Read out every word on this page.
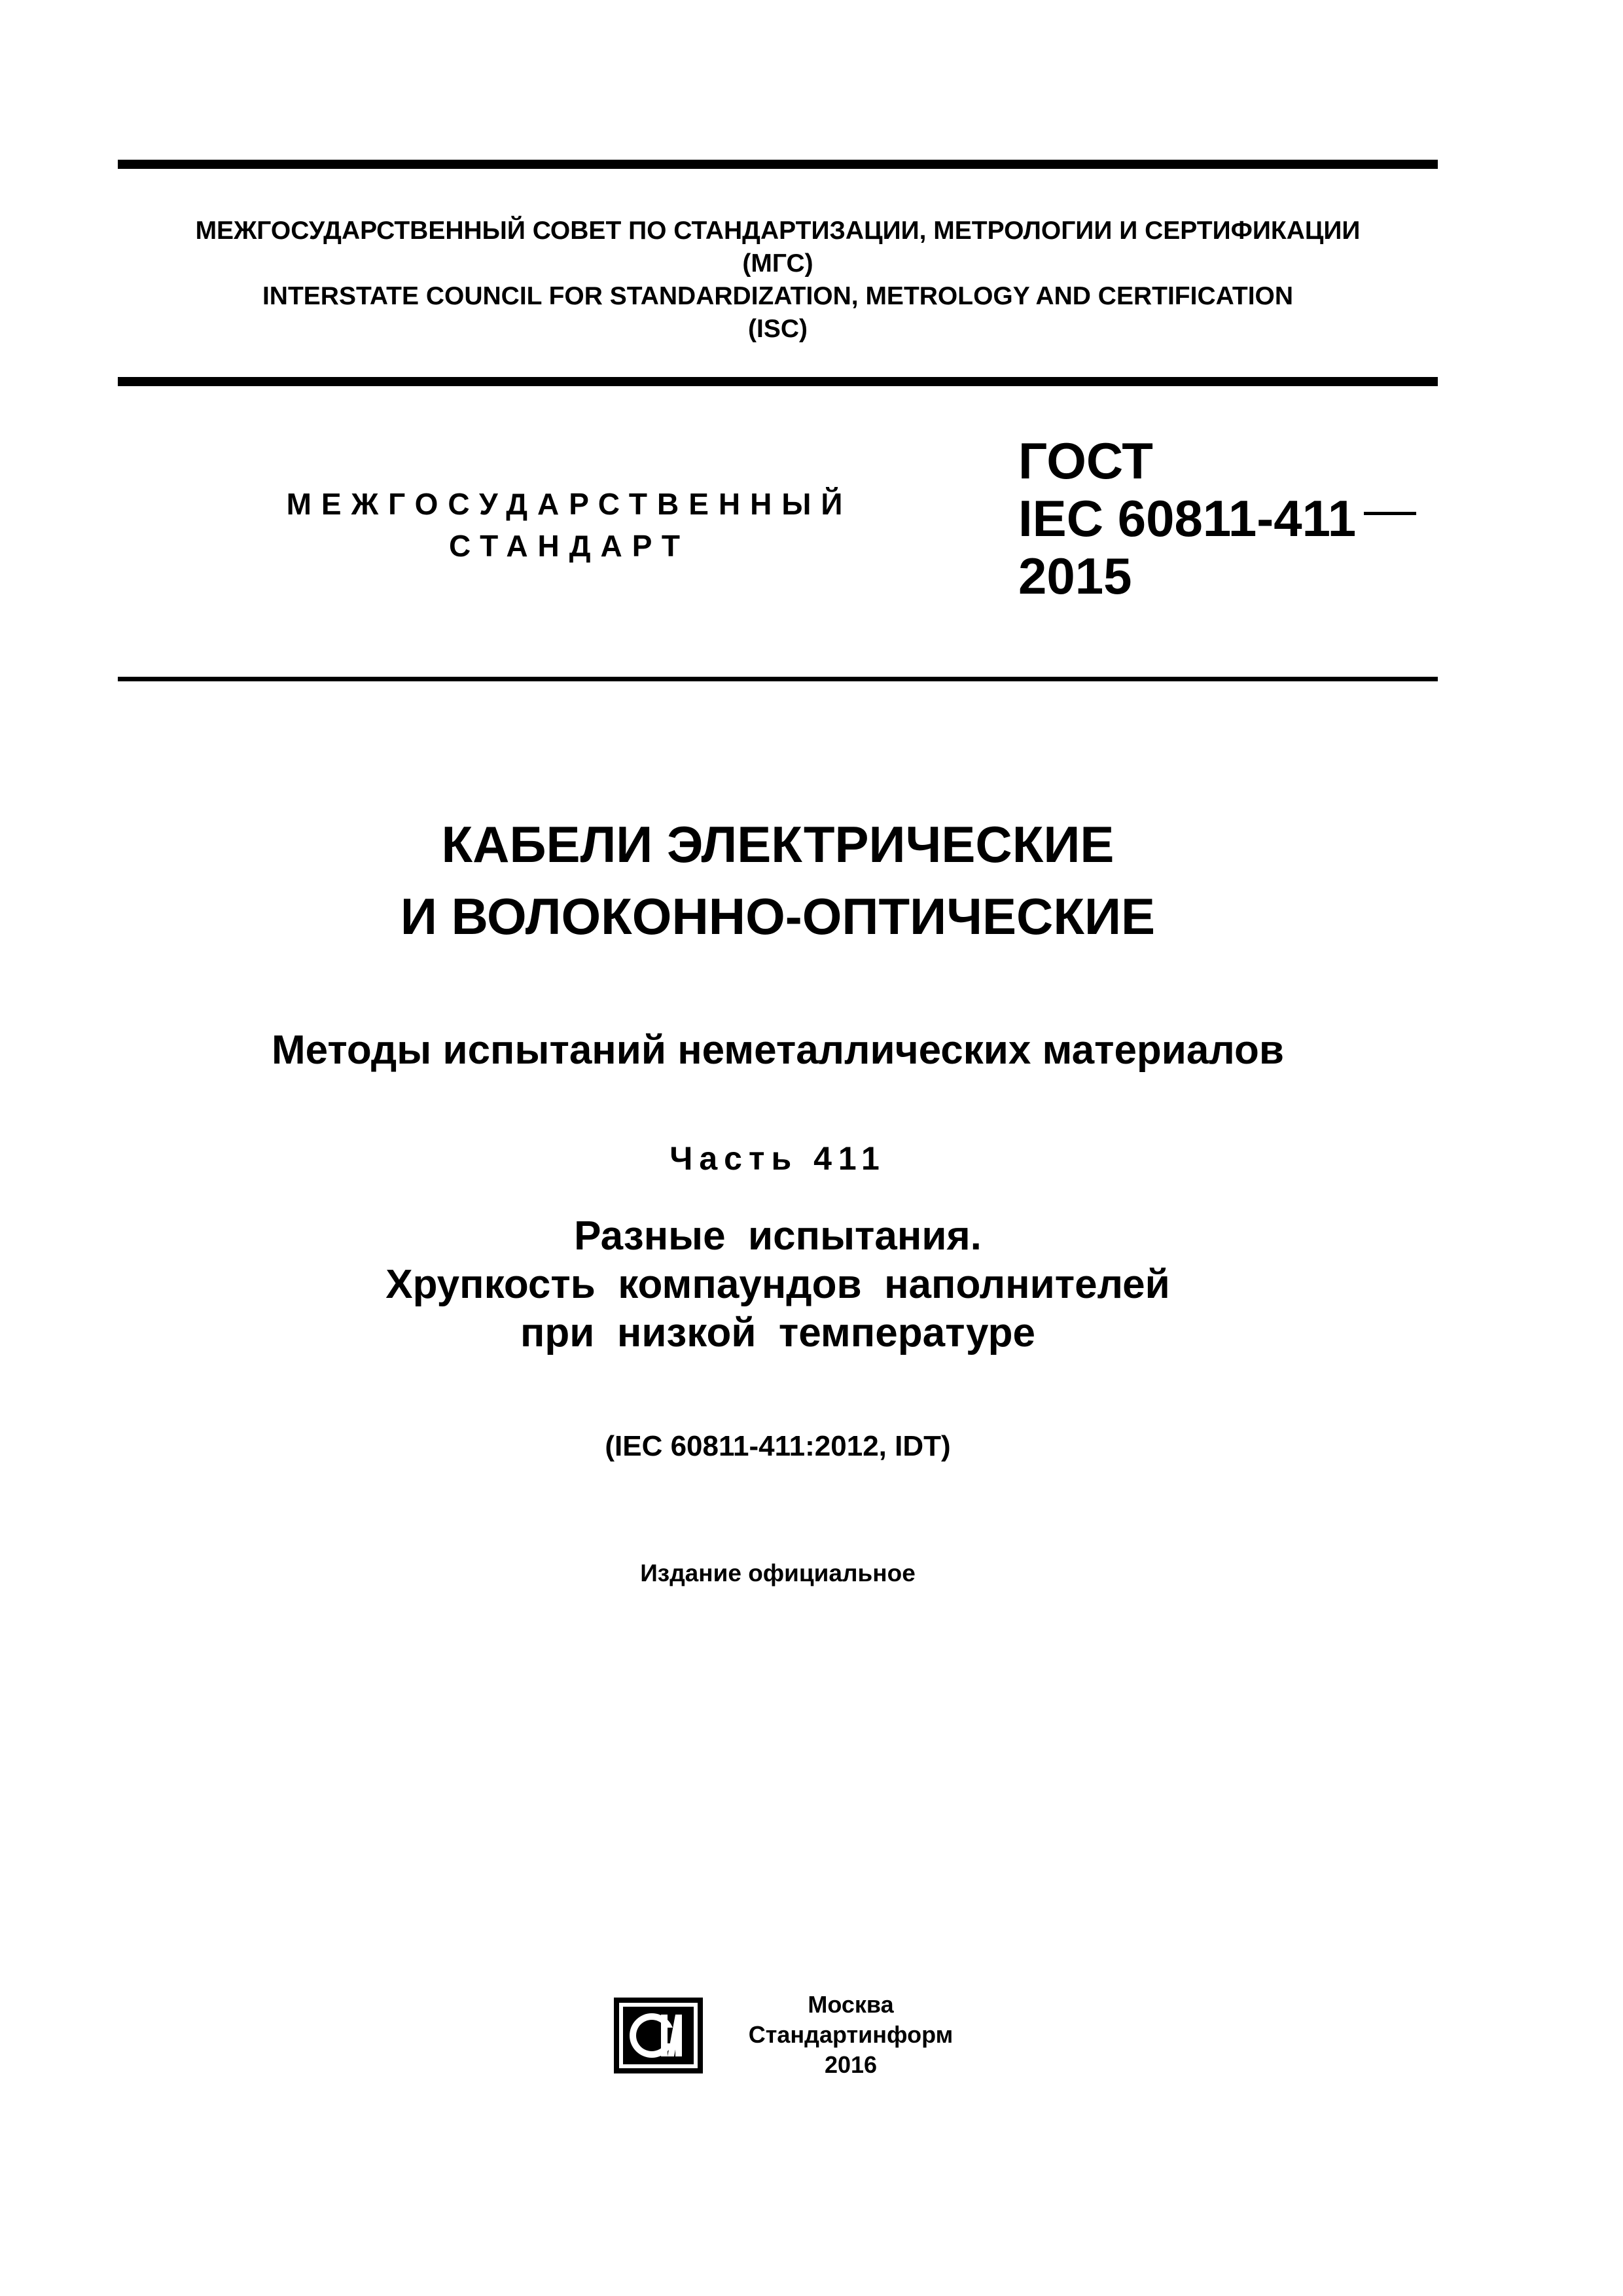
МЕЖГОСУДАРСТВЕННЫЙ СОВЕТ ПО СТАНДАРТИЗАЦИИ, МЕТРОЛОГИИ И СЕРТИФИКАЦИИ
(МГС)
INTERSTATE COUNCIL FOR STANDARDIZATION, METROLOGY AND CERTIFICATION
(ISC)
МЕЖГОСУДАРСТВЕННЫЙ
СТАНДАРТ
ГОСТ
IEC 60811-411
2015
КАБЕЛИ ЭЛЕКТРИЧЕСКИЕ
И ВОЛОКОННО-ОПТИЧЕСКИЕ
Методы испытаний неметаллических материалов
Часть 411
Разные  испытания.
Хрупкость  компаундов  наполнителей
при  низкой  температуре
(IEC 60811-411:2012, IDT)
Издание официальное
Москва
Стандартинформ
2016
